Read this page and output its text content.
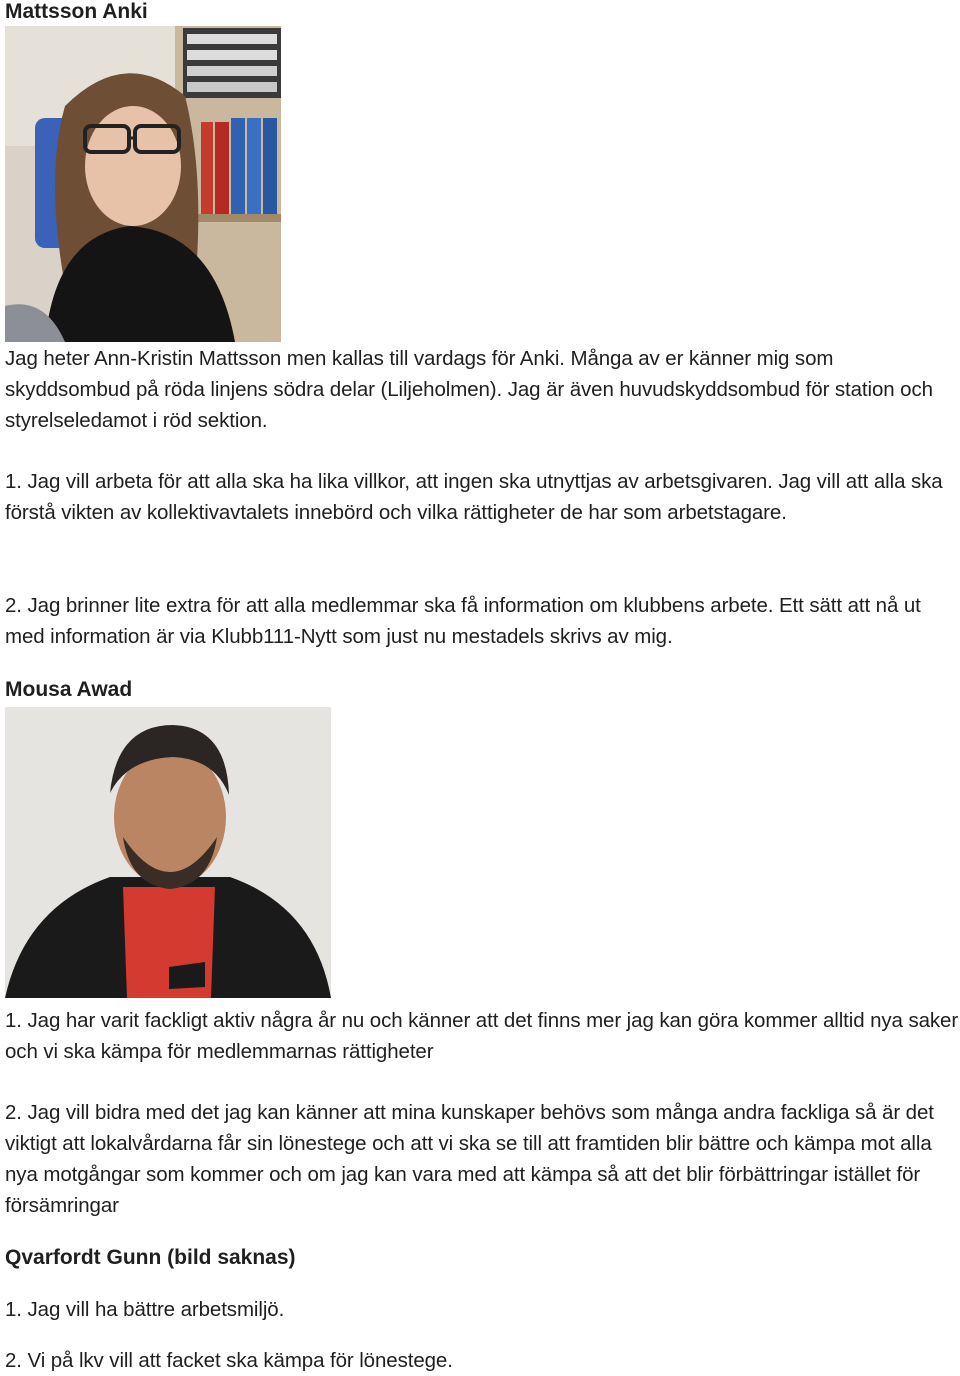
Mattsson Anki

Jag heter Ann-Kristin Mattsson men kallas till vardags för Anki. Många av er känner mig som skyddsombud på röda linjens södra delar (Liljeholmen). Jag är även huvudskyddsombud för station och styrelseledamot i röd sektion.

1. Jag vill arbeta för att alla ska ha lika villkor, att ingen ska utnyttjas av arbetsgivaren. Jag vill att alla ska förstå vikten av kollektivavtalets innebörd och vilka rättigheter de har som arbetstagare.

2. Jag brinner lite extra för att alla medlemmar ska få information om klubbens arbete. Ett sätt att nå ut med information är via Klubb111-Nytt som just nu mestadels skrivs av mig.

Mousa Awad

1. Jag har varit fackligt aktiv några år nu och känner att det finns mer jag kan göra kommer alltid nya saker och vi ska kämpa för medlemmarnas rättigheter

2. Jag vill bidra med det jag kan känner att mina kunskaper behövs som många andra fackliga så är det viktigt att lokalvårdarna får sin lönestege och att vi ska se till att framtiden blir bättre och kämpa mot alla nya motgångar som kommer och om jag kan vara med att kämpa så att det blir förbättringar istället för försämringar

Qvarfordt Gunn (bild saknas)

1. Jag vill ha bättre arbetsmiljö.

2. Vi på lkv vill att facket ska kämpa för lönestege.
